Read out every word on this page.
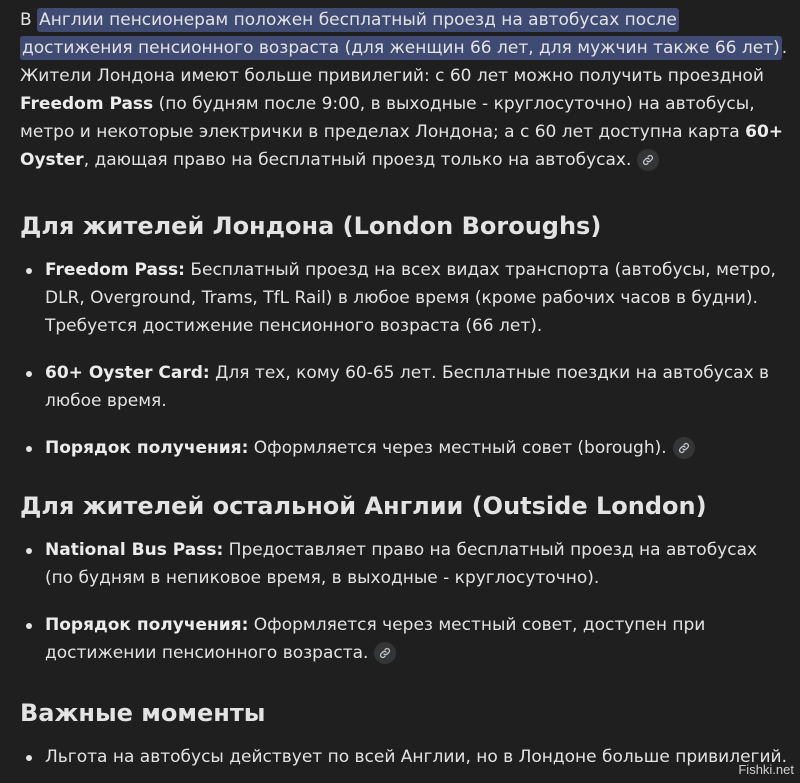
В Англии пенсионерам положен бесплатный проезд на автобусах после достижения пенсионного возраста (для женщин 66 лет, для мужчин также 66 лет) . Жители Лондона имеют больше привилегий: с 60 лет можно получить проездной Freedom Pass (по будням после 9:00, в выходные - круглосуточно) на автобусы, метро и некоторые электрички в пределах Лондона; а с 60 лет доступна карта 60+ Oyster, дающая право на бесплатный проезд только на автобусах.

Для жителей Лондона (London Boroughs)
Freedom Pass: Бесплатный проезд на всех видах транспорта (автобусы, метро, DLR, Overground, Trams, TfL Rail) в любое время (кроме рабочих часов в будни). Требуется достижение пенсионного возраста (66 лет).
60+ Oyster Card: Для тех, кому 60-65 лет. Бесплатные поездки на автобусах в любое время.
Порядок получения: Оформляется через местный совет (borough).
Для жителей остальной Англии (Outside London)
National Bus Pass: Предоставляет право на бесплатный проезд на автобусах (по будням в непиковое время, в выходные - круглосуточно).
Порядок получения: Оформляется через местный совет, доступен при достижении пенсионного возраста.
Важные моменты
Льгота на автобусы действует по всей Англии, но в Лондоне больше привилегий.
Fishki.net
